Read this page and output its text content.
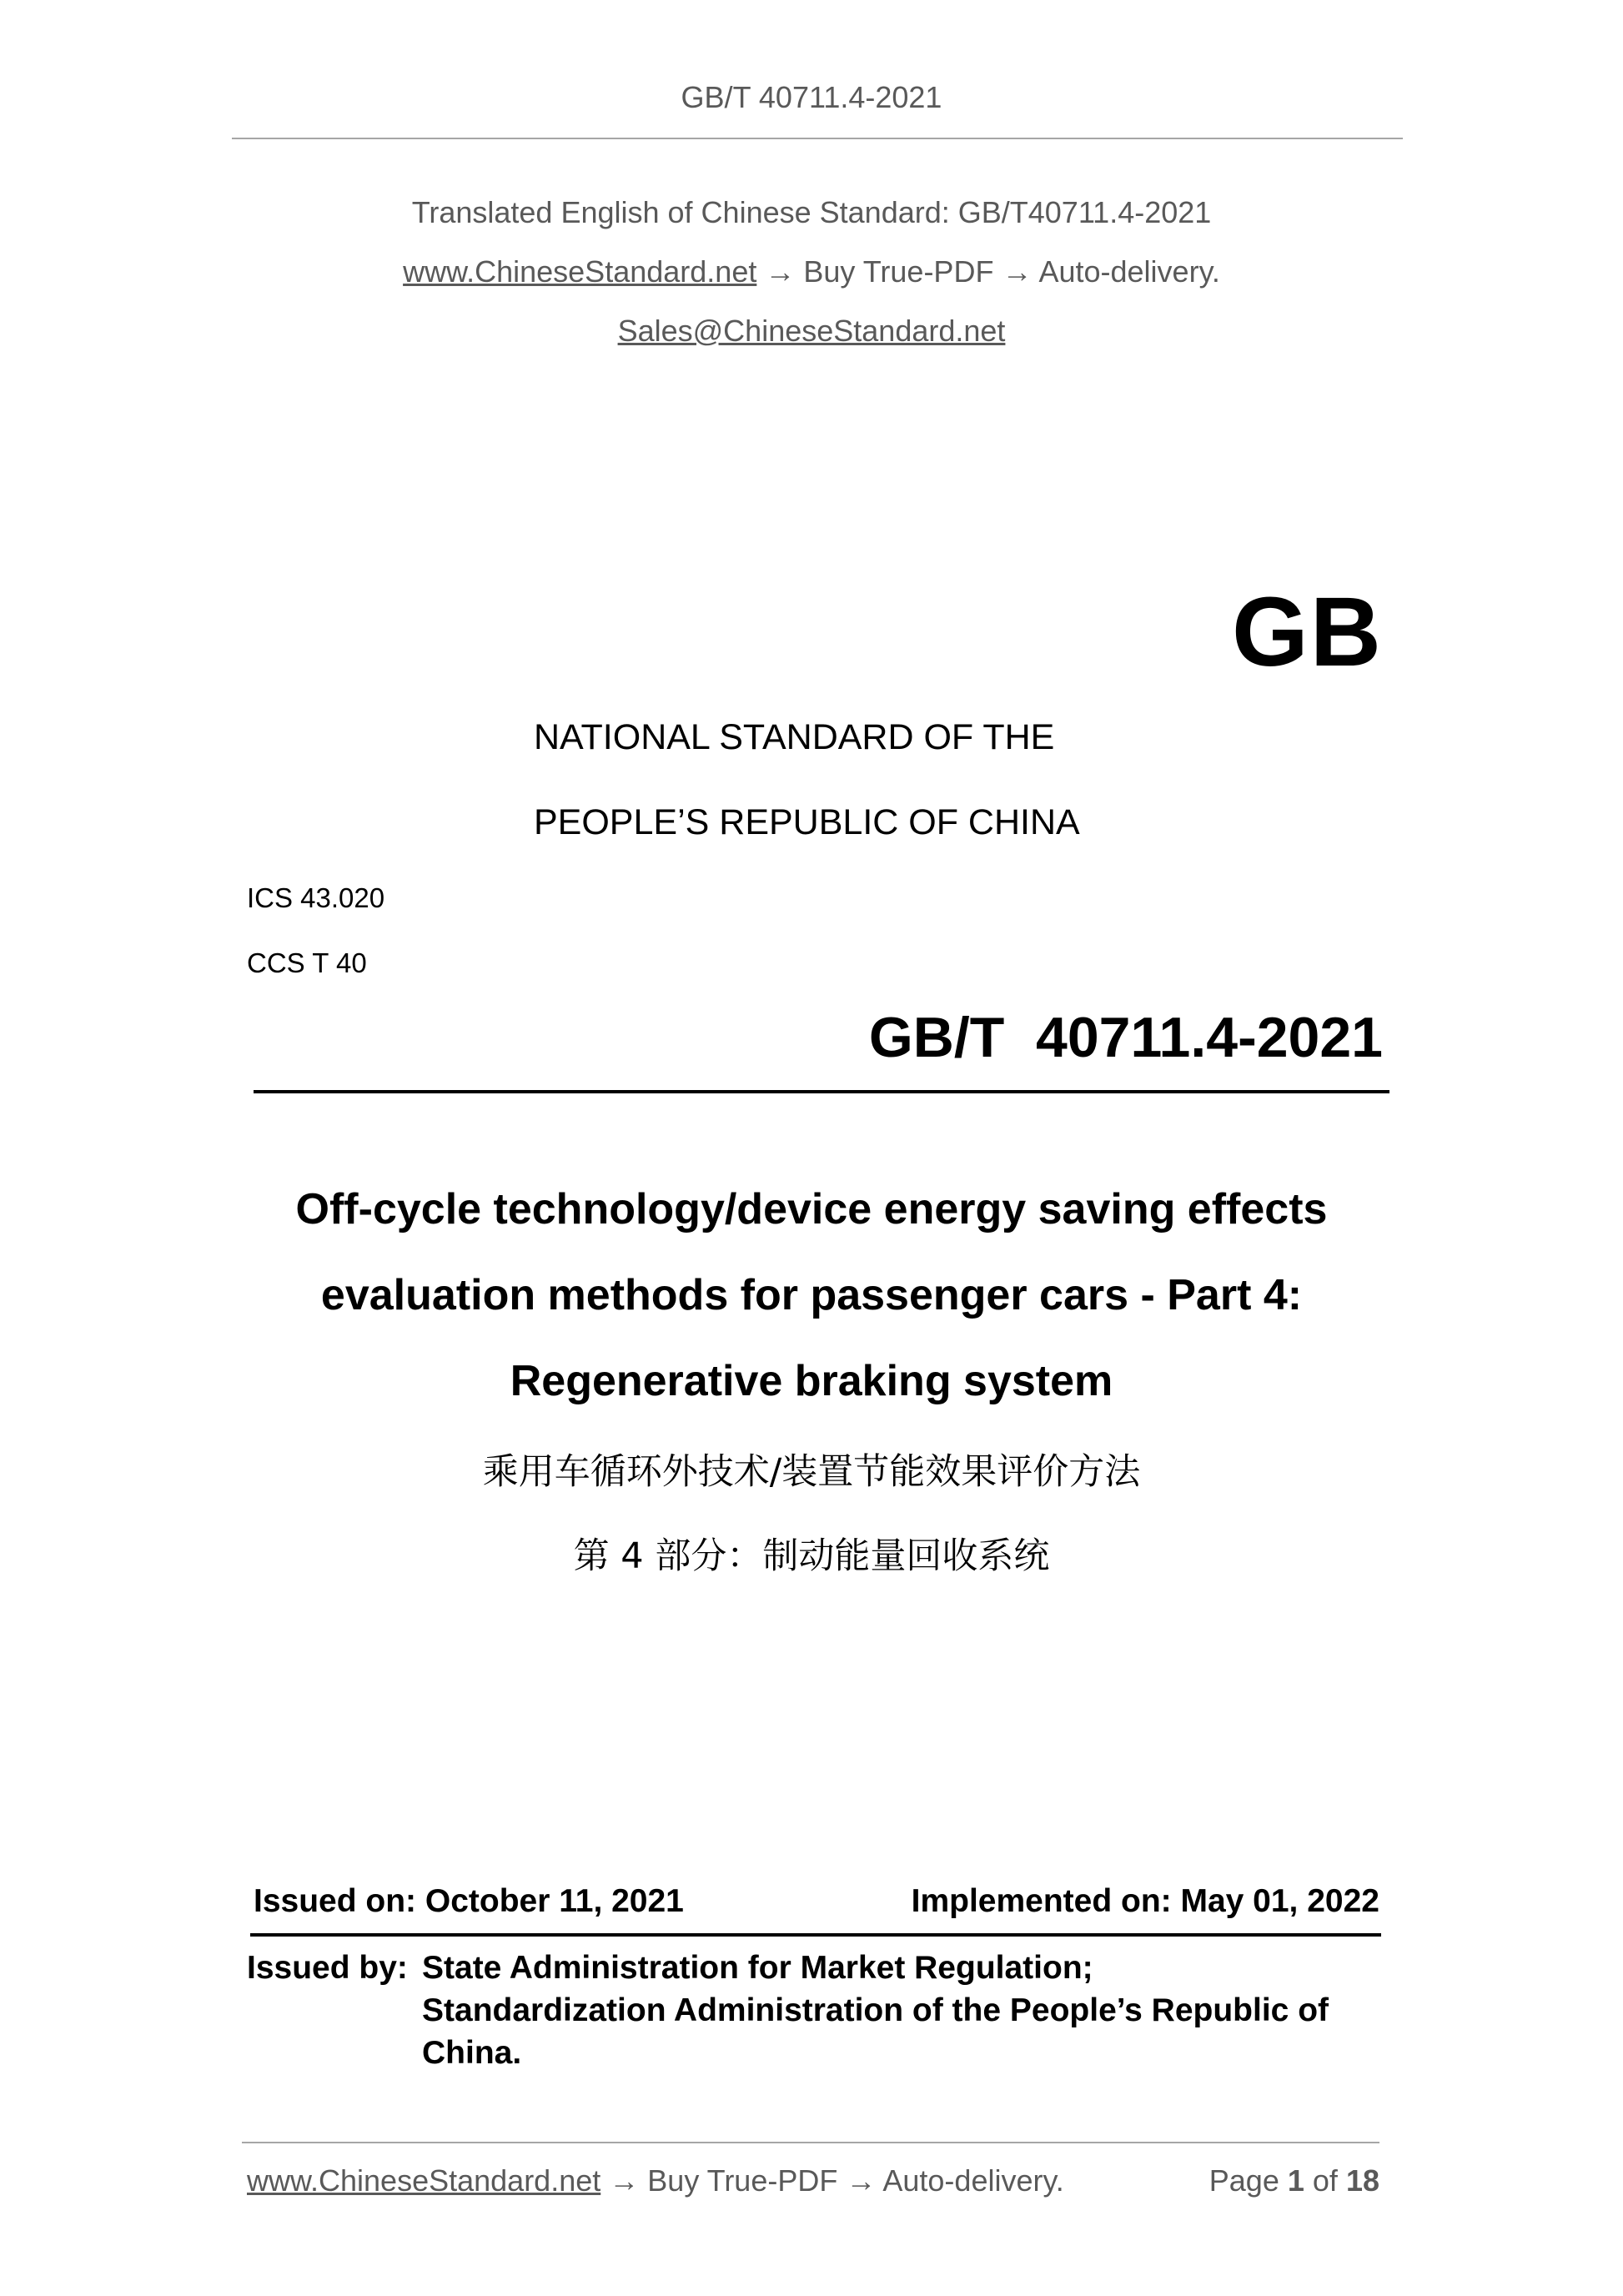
GB/T 40711.4-2021
Translated English of Chinese Standard: GB/T40711.4-2021
www.ChineseStandard.net → Buy True-PDF → Auto-delivery.
Sales@ChineseStandard.net
GB
NATIONAL STANDARD OF THE
PEOPLE’S REPUBLIC OF CHINA
ICS 43.020
CCS T 40
GB/T  40711.4-2021
Off-cycle technology/device energy saving effects
evaluation methods for passenger cars - Part 4:
Regenerative braking system
乘用车循环外技术/装置节能效果评价方法
第 4 部分：制动能量回收系统
Issued on: October 11, 2021	Implemented on: May 01, 2022
Issued by: State Administration for Market Regulation;
Standardization Administration of the People’s Republic of
China.
www.ChineseStandard.net → Buy True-PDF → Auto-delivery.	Page 1 of 18
